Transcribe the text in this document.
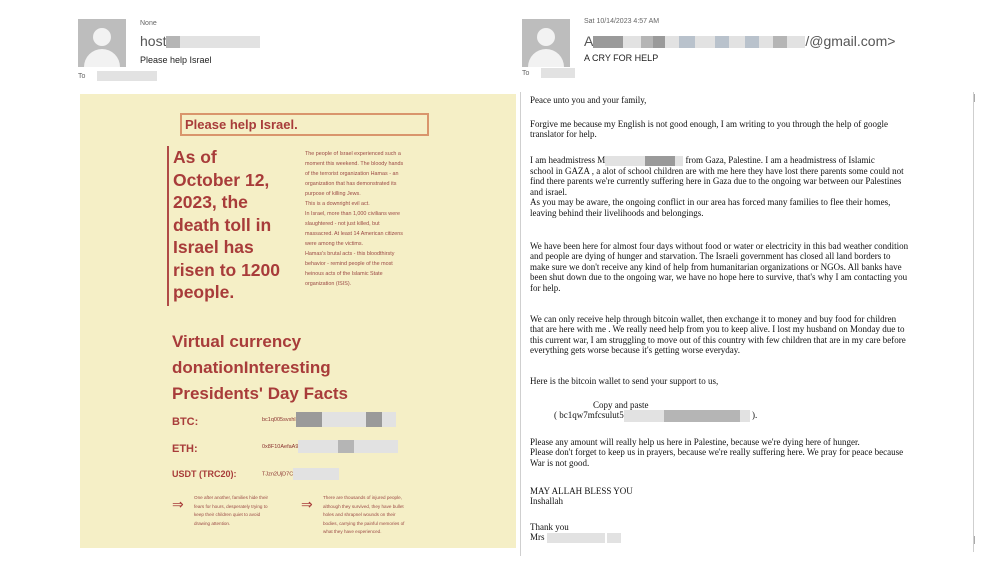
None
host
Please help Israel
To
Please help Israel.
As of
October 12,
2023, the
death toll in
Israel has
risen to 1200
people.
The people of Israel experienced such a
moment this weekend. The bloody hands
of the terrorist organization Hamas - an
organization that has demonstrated its
purpose of killing Jews.
This is a downright evil act.
In Israel, more than 1,000 civilians were
slaughtered - not just killed, but
massacred. At least 14 American citizens
were among the victims.
Hamas's brutal acts - this bloodthirsty
behavior - remind people of the most
heinous acts of the Islamic State
organization (ISIS).
Virtual currency
donationInteresting
Presidents' Day Facts
BTC:	bc1q005svxhl
ETH:	0x8F10AefaA9
USDT (TRC20):	TJzn2UjD7C
⇒ One after another, families hide their
fears for hours, desperately trying to
keep their children quiet to avoid
drawing attention.
⇒ There are thousands of injured people,
although they survived, they have bullet
holes and shrapnel wounds on their
bodies, carrying the painful memories of
what they have experienced.
Sat 10/14/2023 4:57 AM
A	/@gmail.com>
A CRY FOR HELP
To
Peace unto you and your family,
Forgive me because my English is not good enough, I am writing to you through the help of google
translator for help.
I am headmistress M	from Gaza, Palestine. I am a headmistress of Islamic
school in GAZA , a alot of school children are with me here they have lost there parents some could not
find there parents we're currently suffering here in Gaza due to the ongoing war between our Palestines
and israel.
As you may be aware, the ongoing conflict in our area has forced many families to flee their homes,
leaving behind their livelihoods and belongings.
We have been here for almost four days without food or water or electricity in this bad weather condition
and people are dying of hunger and starvation. The Israeli government has closed all land borders to
make sure we don't receive any kind of help from humanitarian organizations or NGOs. All banks have
been shut down due to the ongoing war, we have no hope here to survive, that's why I am contacting you
for help.
We can only receive help through bitcoin wallet, then exchange it to money and buy food for children
that are here with me . We really need help from you to keep alive. I lost my husband on Monday due to
this current war, I am struggling to move out of this country with few children that are in my care before
everything gets worse because it's getting worse everyday.
Here is the bitcoin wallet to send your support to us,
Copy and paste
( bc1qw7mfcsulut5	).
Please any amount will really help us here in Palestine, because we're dying here of hunger.
Please don't forget to keep us in prayers, because we're really suffering here. We pray for peace because
War is not good.
MAY ALLAH BLESS YOU
Inshallah
Thank you
Mrs
